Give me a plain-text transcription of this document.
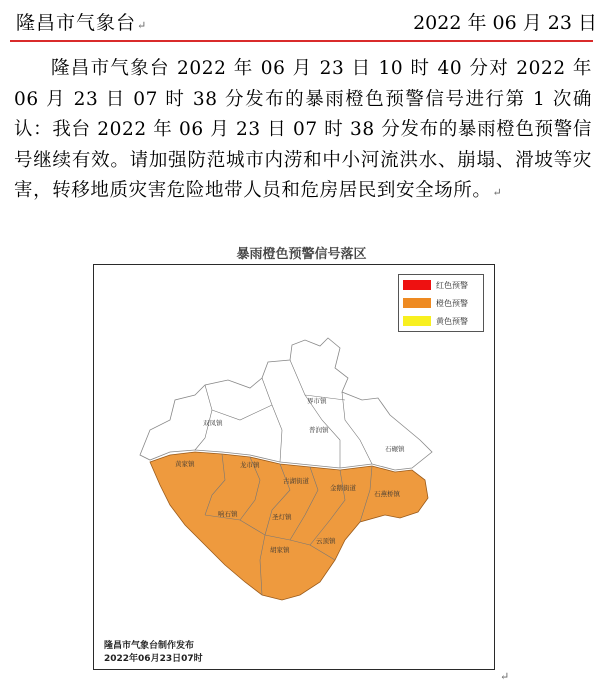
隆昌市气象台↵	2022 年 06 月 23 日
隆昌市气象台 2022 年 06 月 23 日 10 时 40 分对 2022 年 06 月 23 日 07 时 38 分发布的暴雨橙色预警信号进行第 1 次确认：我台 2022 年 06 月 23 日 07 时 38 分发布的暴雨橙色预警信号继续有效。请加强防范城市内涝和中小河流洪水、崩塌、滑坡等灾害，转移地质灾害危险地带人员和危房居民到安全场所。↵
暴雨橙色预警信号落区
界市镇
双凤镇
普润镇
石碾镇
黄家镇	龙市镇
古湖街道
金鹅街道
石燕桥镇
响石镇	圣灯镇
云顶镇
胡家镇
红色预警
橙色预警
黄色预警
隆昌市气象台制作发布
2022年06月23日07时
↵
